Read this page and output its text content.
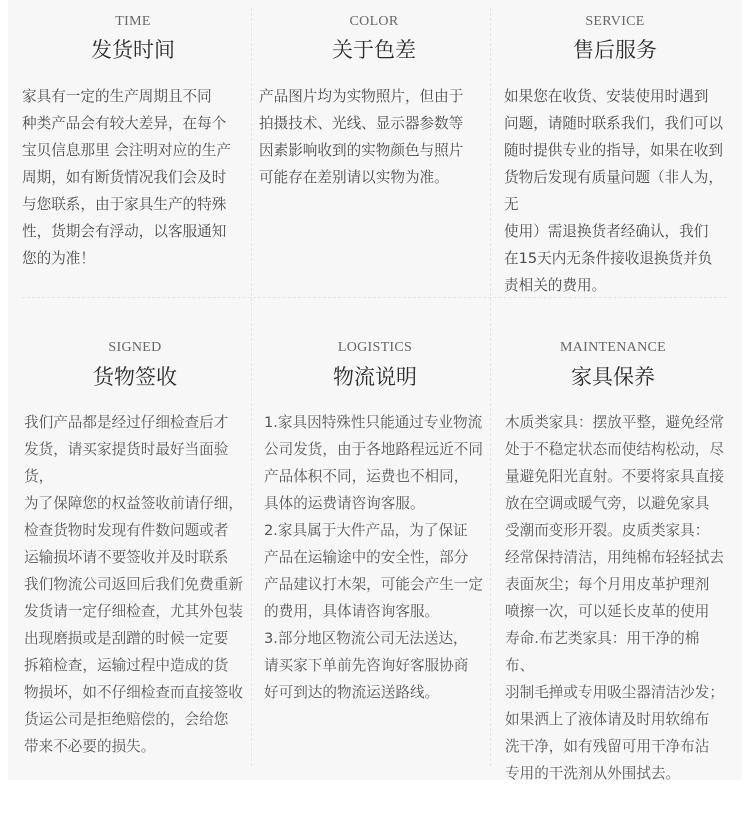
TIME
发货时间

家具有一定的生产周期且不同

种类产品会有较大差异，在每个

宝贝信息那里 会注明对应的生产

周期，如有断货情况我们会及时

与您联系，由于家具生产的特殊

性，货期会有浮动，以客服通知

您的为准！

COLOR
关于色差

产品图片均为实物照片，但由于

拍摄技术、光线、显示器参数等

因素影响收到的实物颜色与照片

可能存在差别请以实物为准。

SERVICE
售后服务

如果您在收货、安装使用时遇到

问题，请随时联系我们，我们可以

随时提供专业的指导，如果在收到

货物后发现有质量问题（非人为，无

使用）需退换货者经确认，我们

在15天内无条件接收退换货并负

责相关的费用。

SIGNED
货物签收

我们产品都是经过仔细检查后才

发货，请买家提货时最好当面验货，

为了保障您的权益签收前请仔细，

检查货物时发现有件数问题或者

运输损坏请不要签收并及时联系

我们物流公司返回后我们免费重新

发货请一定仔细检查，尤其外包装

出现磨损或是刮蹭的时候一定要

拆箱检查，运输过程中造成的货

物损坏，如不仔细检查而直接签收

货运公司是拒绝赔偿的，会给您

带来不必要的损失。

LOGISTICS
物流说明

1.家具因特殊性只能通过专业物流

公司发货，由于各地路程远近不同

产品体积不同，运费也不相同，

具体的运费请咨询客服。

2.家具属于大件产品，为了保证

产品在运输途中的安全性，部分

产品建议打木架，可能会产生一定

的费用，具体请咨询客服。

3.部分地区物流公司无法送达，

请买家下单前先咨询好客服协商

好可到达的物流运送路线。

MAINTENANCE
家具保养

木质类家具：摆放平整，避免经常

处于不稳定状态而使结构松动，尽

量避免阳光直射。不要将家具直接

放在空调或暖气旁，以避免家具

受潮而变形开裂。皮质类家具：

经常保持清洁，用纯棉布轻轻拭去

表面灰尘；每个月用皮革护理剂

喷擦一次，可以延长皮革的使用

寿命.布艺类家具：用干净的棉布、

羽制毛掸或专用吸尘器清洁沙发；

如果洒上了液体请及时用软绵布

洗干净，如有残留可用干净布沾

专用的干洗剂从外围拭去。
